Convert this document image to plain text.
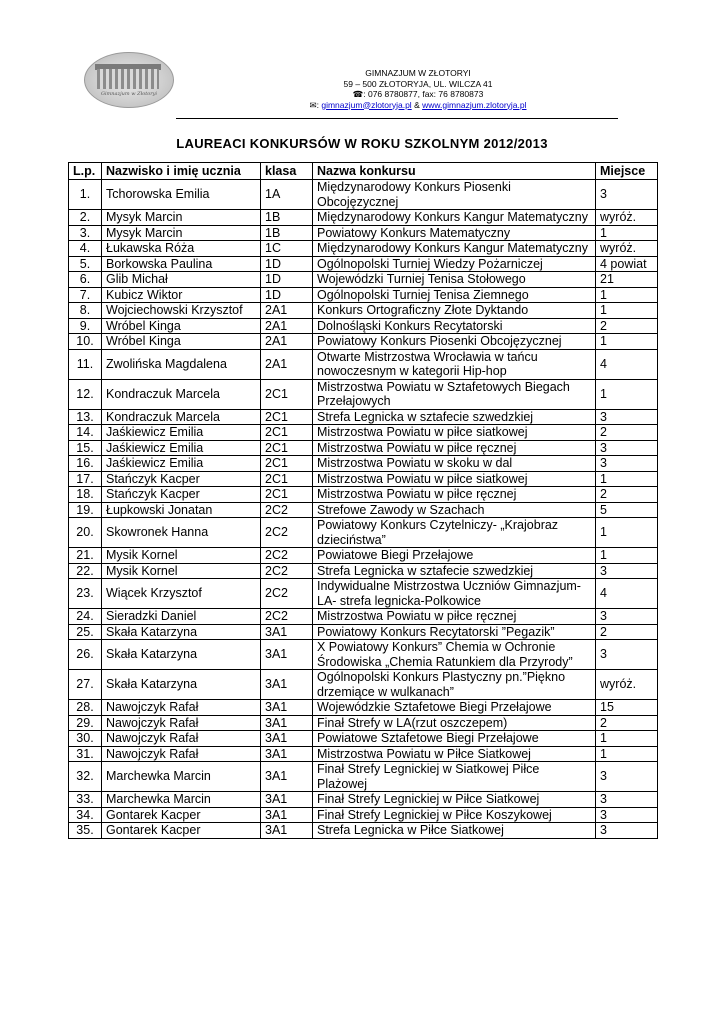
Gimnazjum w Złotoryi
GIMNAZJUM W ZŁOTORYI
59 – 500 ZŁOTORYJA, UL. WILCZA 41
☎: 076 8780877, fax: 76 8780873
✉: gimnazjum@zlotoryja.pl & www.gimnazjum.zlotoryja.pl
LAUREACI KONKURSÓW W ROKU SZKOLNYM 2012/2013
L.p.	Nazwisko i imię ucznia	klasa	Nazwa konkursu	Miejsce
1.	Tchorowska Emilia	1A	Międzynarodowy Konkurs Piosenki Obcojęzycznej	3
2.	Mysyk Marcin	1B	Międzynarodowy Konkurs Kangur Matematyczny	wyróż.
3.	Mysyk Marcin	1B	Powiatowy Konkurs Matematyczny	1
4.	Łukawska Róża	1C	Międzynarodowy Konkurs Kangur Matematyczny	wyróż.
5.	Borkowska Paulina	1D	Ogólnopolski Turniej Wiedzy Pożarniczej	4 powiat
6.	Glib Michał	1D	Wojewódzki Turniej Tenisa Stołowego	21
7.	Kubicz Wiktor	1D	Ogólnopolski Turniej Tenisa Ziemnego	1
8.	Wojciechowski Krzysztof	2A1	Konkurs Ortograficzny Złote Dyktando	1
9.	Wróbel Kinga	2A1	Dolnośląski Konkurs Recytatorski	2
10.	Wróbel Kinga	2A1	Powiatowy Konkurs Piosenki Obcojęzycznej	1
11.	Zwolińska Magdalena	2A1	Otwarte Mistrzostwa Wrocławia w tańcu nowoczesnym w kategorii Hip-hop	4
12.	Kondraczuk Marcela	2C1	Mistrzostwa Powiatu w Sztafetowych Biegach Przełajowych	1
13.	Kondraczuk Marcela	2C1	Strefa Legnicka w sztafecie szwedzkiej	3
14.	Jaśkiewicz Emilia	2C1	Mistrzostwa Powiatu w piłce siatkowej	2
15.	Jaśkiewicz Emilia	2C1	Mistrzostwa Powiatu w piłce ręcznej	3
16.	Jaśkiewicz Emilia	2C1	Mistrzostwa Powiatu w skoku w dal	3
17.	Stańczyk Kacper	2C1	Mistrzostwa Powiatu w piłce siatkowej	1
18.	Stańczyk Kacper	2C1	Mistrzostwa Powiatu w piłce ręcznej	2
19.	Łupkowski Jonatan	2C2	Strefowe Zawody w Szachach	5
20.	Skowronek Hanna	2C2	Powiatowy Konkurs Czytelniczy- „Krajobraz dzieciństwa”	1
21.	Mysik Kornel	2C2	Powiatowe Biegi Przełajowe	1
22.	Mysik Kornel	2C2	Strefa Legnicka w sztafecie szwedzkiej	3
23.	Wiącek Krzysztof	2C2	Indywidualne Mistrzostwa Uczniów Gimnazjum- LA- strefa legnicka-Polkowice	4
24.	Sieradzki Daniel	2C2	Mistrzostwa Powiatu w piłce ręcznej	3
25.	Skała Katarzyna	3A1	Powiatowy Konkurs Recytatorski ”Pegazik”	2
26.	Skała Katarzyna	3A1	X Powiatowy Konkurs” Chemia w Ochronie Środowiska „Chemia Ratunkiem dla Przyrody”	3
27.	Skała Katarzyna	3A1	Ogólnopolski Konkurs Plastyczny pn.”Piękno drzemiące w wulkanach”	wyróż.
28.	Nawojczyk Rafał	3A1	Wojewódzkie Sztafetowe Biegi Przełajowe	15
29.	Nawojczyk Rafał	3A1	Finał Strefy w LA(rzut oszczepem)	2
30.	Nawojczyk Rafał	3A1	Powiatowe Sztafetowe Biegi Przełajowe	1
31.	Nawojczyk Rafał	3A1	Mistrzostwa Powiatu w Piłce Siatkowej	1
32.	Marchewka Marcin	3A1	Finał Strefy Legnickiej w Siatkowej Piłce Plażowej	3
33.	Marchewka Marcin	3A1	Finał Strefy Legnickiej w Piłce Siatkowej	3
34.	Gontarek Kacper	3A1	Finał Strefy Legnickiej w Piłce Koszykowej	3
35.	Gontarek Kacper	3A1	Strefa Legnicka w Piłce Siatkowej	3
